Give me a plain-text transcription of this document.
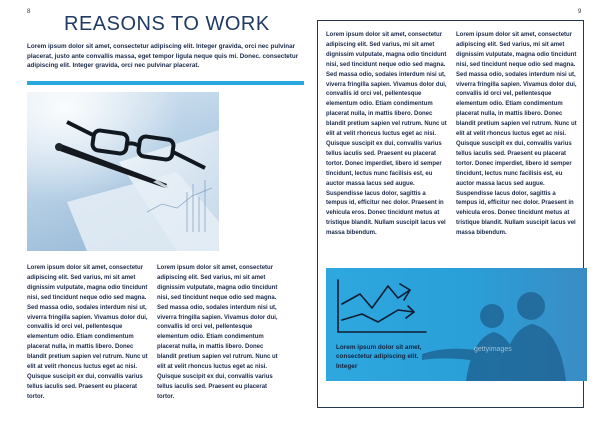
8	9
REASONS TO WORK

Lorem ipsum dolor sit amet, consectetur adipiscing elit. Integer gravida, orci nec pulvinar placerat, justo ante convallis massa, eget tempor ligula neque quis mi. Donec. consectetur adipiscing elit. Integer gravida, orci nec pulvinar placerat.

Lorem ipsum dolor sit amet, consectetur adipiscing elit. Sed varius, mi sit amet dignissim vulputate, magna odio tincidunt nisi, sed tincidunt neque odio sed magna. Sed massa odio, sodales interdum nisi ut, viverra fringilla sapien. Vivamus dolor dui, convallis id orci vel, pellentesque elementum odio. Etiam condimentum placerat nulla, in mattis libero. Donec blandit pretium sapien vel rutrum. Nunc ut elit at velit rhoncus luctus eget ac nisi. Quisque suscipit ex dui, convallis varius tellus iaculis sed. Praesent eu placerat tortor.

Lorem ipsum dolor sit amet, consectetur adipiscing elit. Sed varius, mi sit amet dignissim vulputate, magna odio tincidunt nisi, sed tincidunt neque odio sed magna. Sed massa odio, sodales interdum nisi ut, viverra fringilla sapien. Vivamus dolor dui, convallis id orci vel, pellentesque elementum odio. Etiam condimentum placerat nulla, in mattis libero. Donec blandit pretium sapien vel rutrum. Nunc ut elit at velit rhoncus luctus eget ac nisi. Quisque suscipit ex dui, convallis varius tellus iaculis sed. Praesent eu placerat tortor.

Lorem ipsum dolor sit amet, consectetur adipiscing elit. Sed varius, mi sit amet dignissim vulputate, magna odio tincidunt nisi, sed tincidunt neque odio sed magna. Sed massa odio, sodales interdum nisi ut, viverra fringilla sapien. Vivamus dolor dui, convallis id orci vel, pellentesque elementum odio. Etiam condimentum placerat nulla, in mattis libero. Donec blandit pretium sapien vel rutrum. Nunc ut elit at velit rhoncus luctus eget ac nisi. Quisque suscipit ex dui, convallis varius tellus iaculis sed. Praesent eu placerat tortor. Donec imperdiet, libero id semper tincidunt, lectus nunc facilisis est, eu auctor massa lacus sed augue. Suspendisse lacus dolor, sagittis a tempus id, efficitur nec dolor. Praesent in vehicula eros. Donec tincidunt metus at tristique blandit. Nullam suscipit lacus vel massa bibendum.

Lorem ipsum dolor sit amet, consectetur adipiscing elit. Sed varius, mi sit amet dignissim vulputate, magna odio tincidunt nisi, sed tincidunt neque odio sed magna. Sed massa odio, sodales interdum nisi ut, viverra fringilla sapien. Vivamus dolor dui, convallis id orci vel, pellentesque elementum odio. Etiam condimentum placerat nulla, in mattis libero. Donec blandit pretium sapien vel rutrum. Nunc ut elit at velit rhoncus luctus eget ac nisi. Quisque suscipit ex dui, convallis varius tellus iaculis sed. Praesent eu placerat tortor. Donec imperdiet, libero id semper tincidunt, lectus nunc facilisis est, eu auctor massa lacus sed augue. Suspendisse lacus dolor, sagittis a tempus id, efficitur nec dolor. Praesent in vehicula eros. Donec tincidunt metus at tristique blandit. Nullam suscipit lacus vel massa bibendum.

Lorem ipsum dolor sit amet, consectetur adipiscing elit. Integer

gettyimages
